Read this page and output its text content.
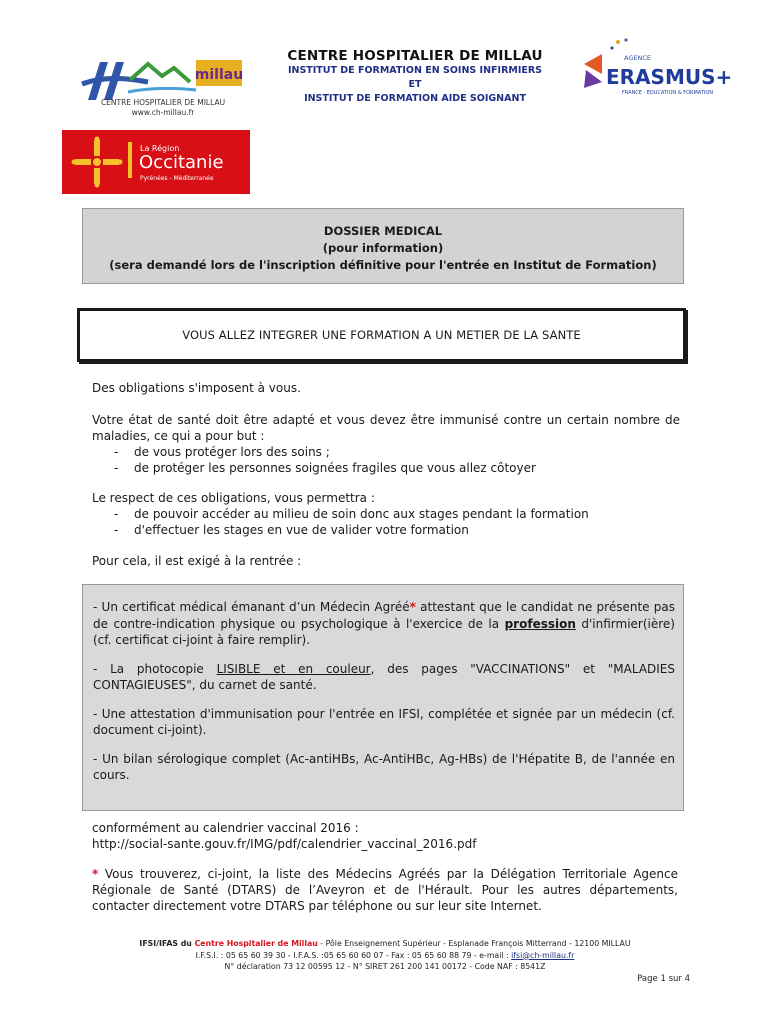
millau
CENTRE HOSPITALIER DE MILLAU
www.ch-millau.fr
CENTRE HOSPITALIER DE MILLAU
INSTITUT DE FORMATION EN SOINS INFIRMIERS
ET
INSTITUT DE FORMATION AIDE SOIGNANT
AGENCE
ERASMUS+
FRANCE · EDUCATION & FORMATION
La Région
Occitanie
Pyrénées - Méditerranée
DOSSIER MEDICAL
(pour information)
(sera demandé lors de l'inscription définitive pour l'entrée en Institut de Formation)
VOUS ALLEZ INTEGRER UNE FORMATION A UN METIER DE LA SANTE
Des obligations s'imposent à vous.
Votre état de santé doit être adapté et vous devez être immunisé contre un certain nombre de maladies, ce qui a pour but :
- de vous protéger lors des soins ;
- de protéger les personnes soignées fragiles que vous allez côtoyer
Le respect de ces obligations, vous permettra :
- de pouvoir accéder au milieu de soin donc aux stages pendant la formation
- d'effectuer les stages en vue de valider votre formation
Pour cela, il est exigé à la rentrée :

- Un certificat médical émanant d’un Médecin Agréé* attestant que le candidat ne présente pas de contre-indication physique ou psychologique à l'exercice de la profession d'infirmier(ière) (cf. certificat ci-joint à faire remplir).

- La photocopie LISIBLE et en couleur, des pages "VACCINATIONS" et "MALADIES CONTAGIEUSES", du carnet de santé.

- Une attestation d'immunisation pour l'entrée en IFSI, complétée et signée par un médecin (cf. document ci-joint).

- Un bilan sérologique complet (Ac-antiHBs, Ac-AntiHBc, Ag-HBs) de l'Hépatite B, de l'année en cours.

conformément au calendrier vaccinal 2016 :
http://social-sante.gouv.fr/IMG/pdf/calendrier_vaccinal_2016.pdf
* Vous trouverez, ci-joint, la liste des Médecins Agréés par la Délégation Territoriale Agence Régionale de Santé (DTARS) de l’Aveyron et de l'Hérault. Pour les autres départements, contacter directement votre DTARS par téléphone ou sur leur site Internet.
IFSI/IFAS du Centre Hospitalier de Millau - Pôle Enseignement Supérieur - Esplanade François Mitterrand - 12100 MILLAU
I.F.S.I. : 05 65 60 39 30 - I.F.A.S. :05 65 60 60 07 - Fax : 05 65 60 88 79 - e-mail : ifsi@ch-millau.fr
N° déclaration 73 12 00595 12 - N° SIRET 261 200 141 00172 - Code NAF : 8541Z
Page 1 sur 4
